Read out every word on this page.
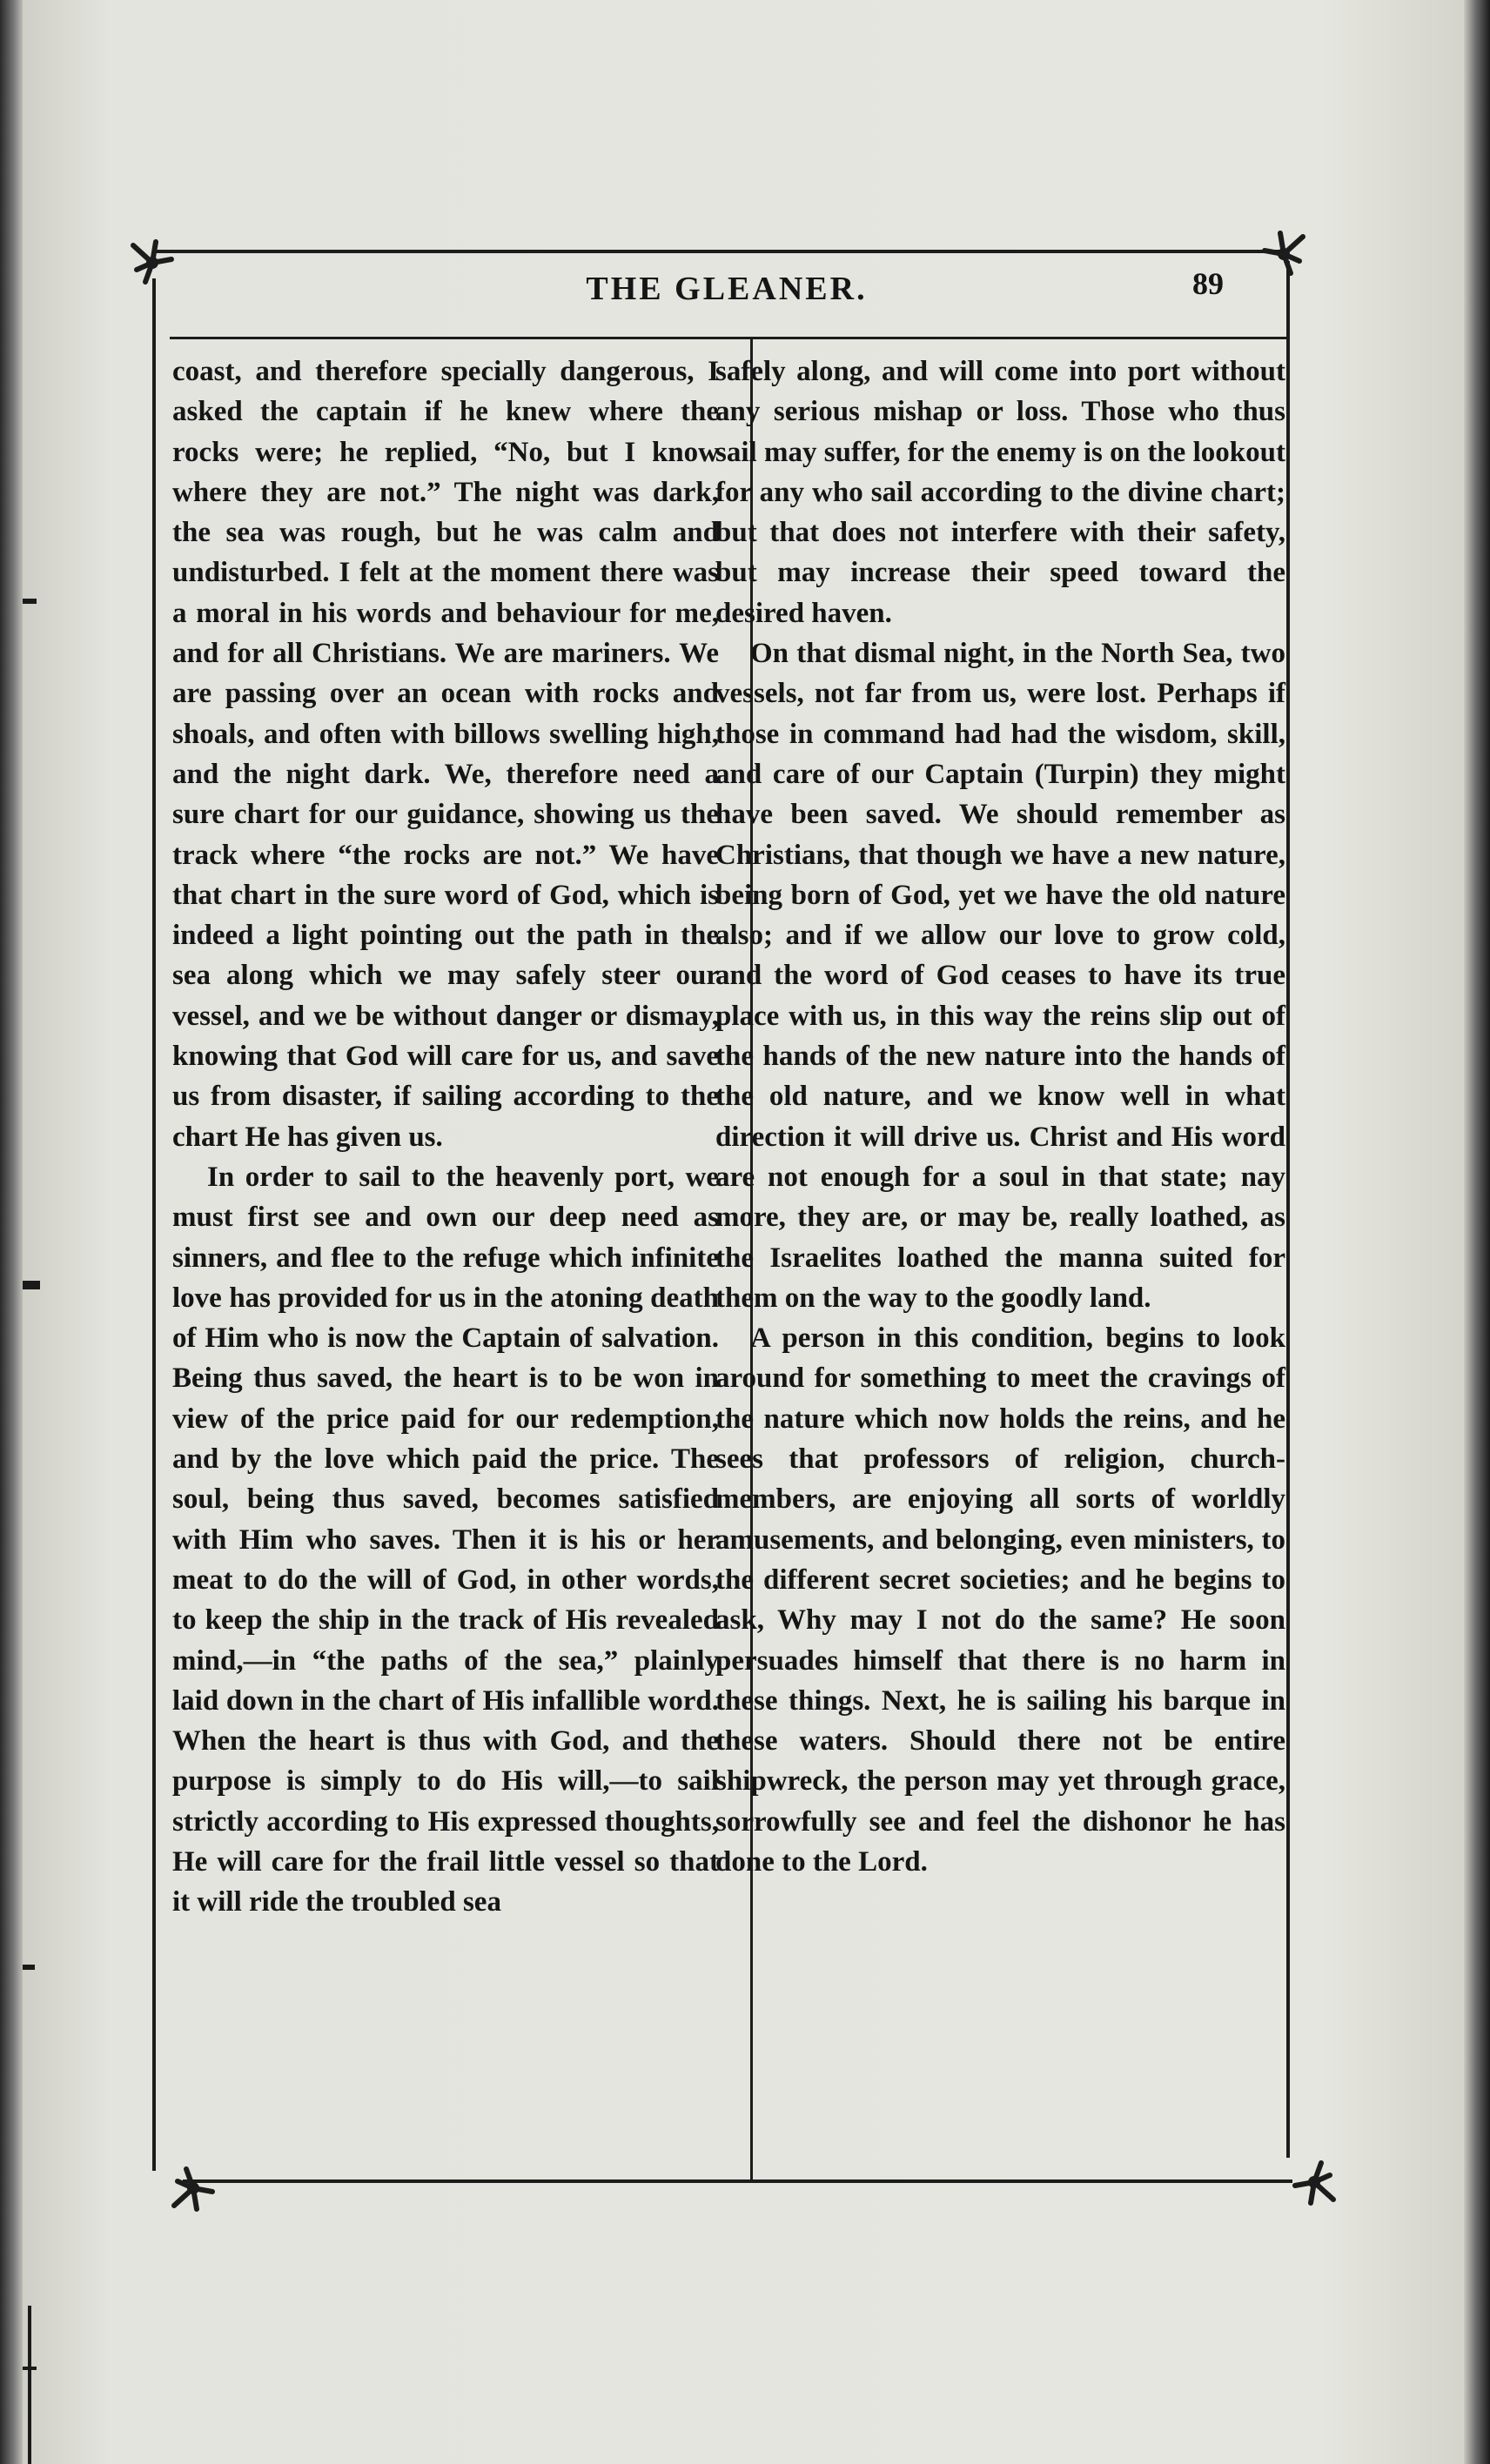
THE GLEANER.	89

coast, and therefore specially dangerous, I asked the captain if he knew where the rocks were; he replied, “No, but I know where they are not.” The night was dark, the sea was rough, but he was calm and undisturbed. I felt at the moment there was a moral in his words and behaviour for me, and for all Christians. We are mariners. We are passing over an ocean with rocks and shoals, and often with billows swelling high, and the night dark. We, therefore need a sure chart for our guidance, showing us the track where “the rocks are not.” We have that chart in the sure word of God, which is indeed a light pointing out the path in the sea along which we may safely steer our vessel, and we be without danger or dismay, knowing that God will care for us, and save us from disaster, if sailing according to the chart He has given us.

In order to sail to the heavenly port, we must first see and own our deep need as sinners, and flee to the refuge which infinite love has provided for us in the atoning death of Him who is now the Captain of salvation. Being thus saved, the heart is to be won in view of the price paid for our redemption, and by the love which paid the price. The soul, being thus saved, becomes satisfied with Him who saves. Then it is his or her meat to do the will of God, in other words, to keep the ship in the track of His revealed mind,—in “the paths of the sea,” plainly laid down in the chart of His infallible word. When the heart is thus with God, and the purpose is simply to do His will,—to sail strictly according to His expressed thoughts, He will care for the frail little vessel so that it will ride the troubled sea

safely along, and will come into port without any serious mishap or loss. Those who thus sail may suffer, for the enemy is on the lookout for any who sail according to the divine chart; but that does not interfere with their safety, but may increase their speed toward the desired haven.

On that dismal night, in the North Sea, two vessels, not far from us, were lost. Perhaps if those in command had had the wisdom, skill, and care of our Captain (Turpin) they might have been saved. We should remember as Christians, that though we have a new nature, being born of God, yet we have the old nature also; and if we allow our love to grow cold, and the word of God ceases to have its true place with us, in this way the reins slip out of the hands of the new nature into the hands of the old nature, and we know well in what direction it will drive us. Christ and His word are not enough for a soul in that state; nay more, they are, or may be, really loathed, as the Israelites loathed the manna suited for them on the way to the goodly land.

A person in this condition, begins to look around for something to meet the cravings of the nature which now holds the reins, and he sees that professors of religion, church-members, are enjoying all sorts of worldly amusements, and belonging, even ministers, to the different secret societies; and he begins to ask, Why may I not do the same? He soon persuades himself that there is no harm in these things. Next, he is sailing his barque in these waters. Should there not be entire shipwreck, the person may yet through grace, sorrowfully see and feel the dishonor he has done to the Lord.
